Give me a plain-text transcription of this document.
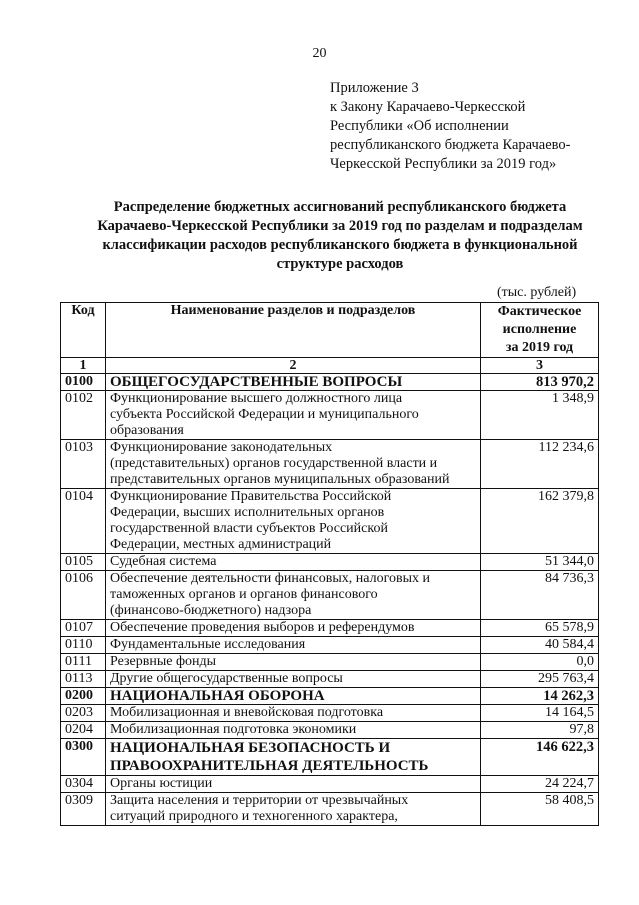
20
Приложение 3
к Закону Карачаево-Черкесской
Республики «Об исполнении
республиканского бюджета Карачаево-
Черкесской Республики за 2019 год»
Распределение бюджетных ассигнований республиканского бюджета
Карачаево-Черкесской Республики за 2019 год по разделам и подразделам
классификации расходов республиканского бюджета в функциональной
структуре расходов
(тыс. рублей)
Код	Наименование разделов и подразделов	Фактическое
исполнение
за 2019 год

1	2	3
0100	ОБЩЕГОСУДАРСТВЕННЫЕ ВОПРОСЫ	813 970,2
0102	Функционирование высшего должностного лица
субъекта Российской Федерации и муниципального
образования	1 348,9
0103	Функционирование законодательных
(представительных) органов государственной власти и
представительных органов муниципальных образований	112 234,6
0104	Функционирование Правительства Российской
Федерации, высших исполнительных органов
государственной власти субъектов Российской
Федерации, местных администраций	162 379,8
0105	Судебная система	51 344,0
0106	Обеспечение деятельности финансовых, налоговых и
таможенных органов и органов финансового
(финансово-бюджетного) надзора	84 736,3
0107	Обеспечение проведения выборов и референдумов	65 578,9
0110	Фундаментальные исследования	40 584,4
0111	Резервные фонды	0,0
0113	Другие общегосударственные вопросы	295 763,4
0200	НАЦИОНАЛЬНАЯ ОБОРОНА	14 262,3
0203	Мобилизационная и вневойсковая подготовка	14 164,5
0204	Мобилизационная подготовка экономики	97,8
0300	НАЦИОНАЛЬНАЯ БЕЗОПАСНОСТЬ И
ПРАВООХРАНИТЕЛЬНАЯ ДЕЯТЕЛЬНОСТЬ	146 622,3
0304	Органы юстиции	24 224,7
0309	Защита населения и территории от чрезвычайных
ситуаций природного и техногенного характера,	58 408,5
